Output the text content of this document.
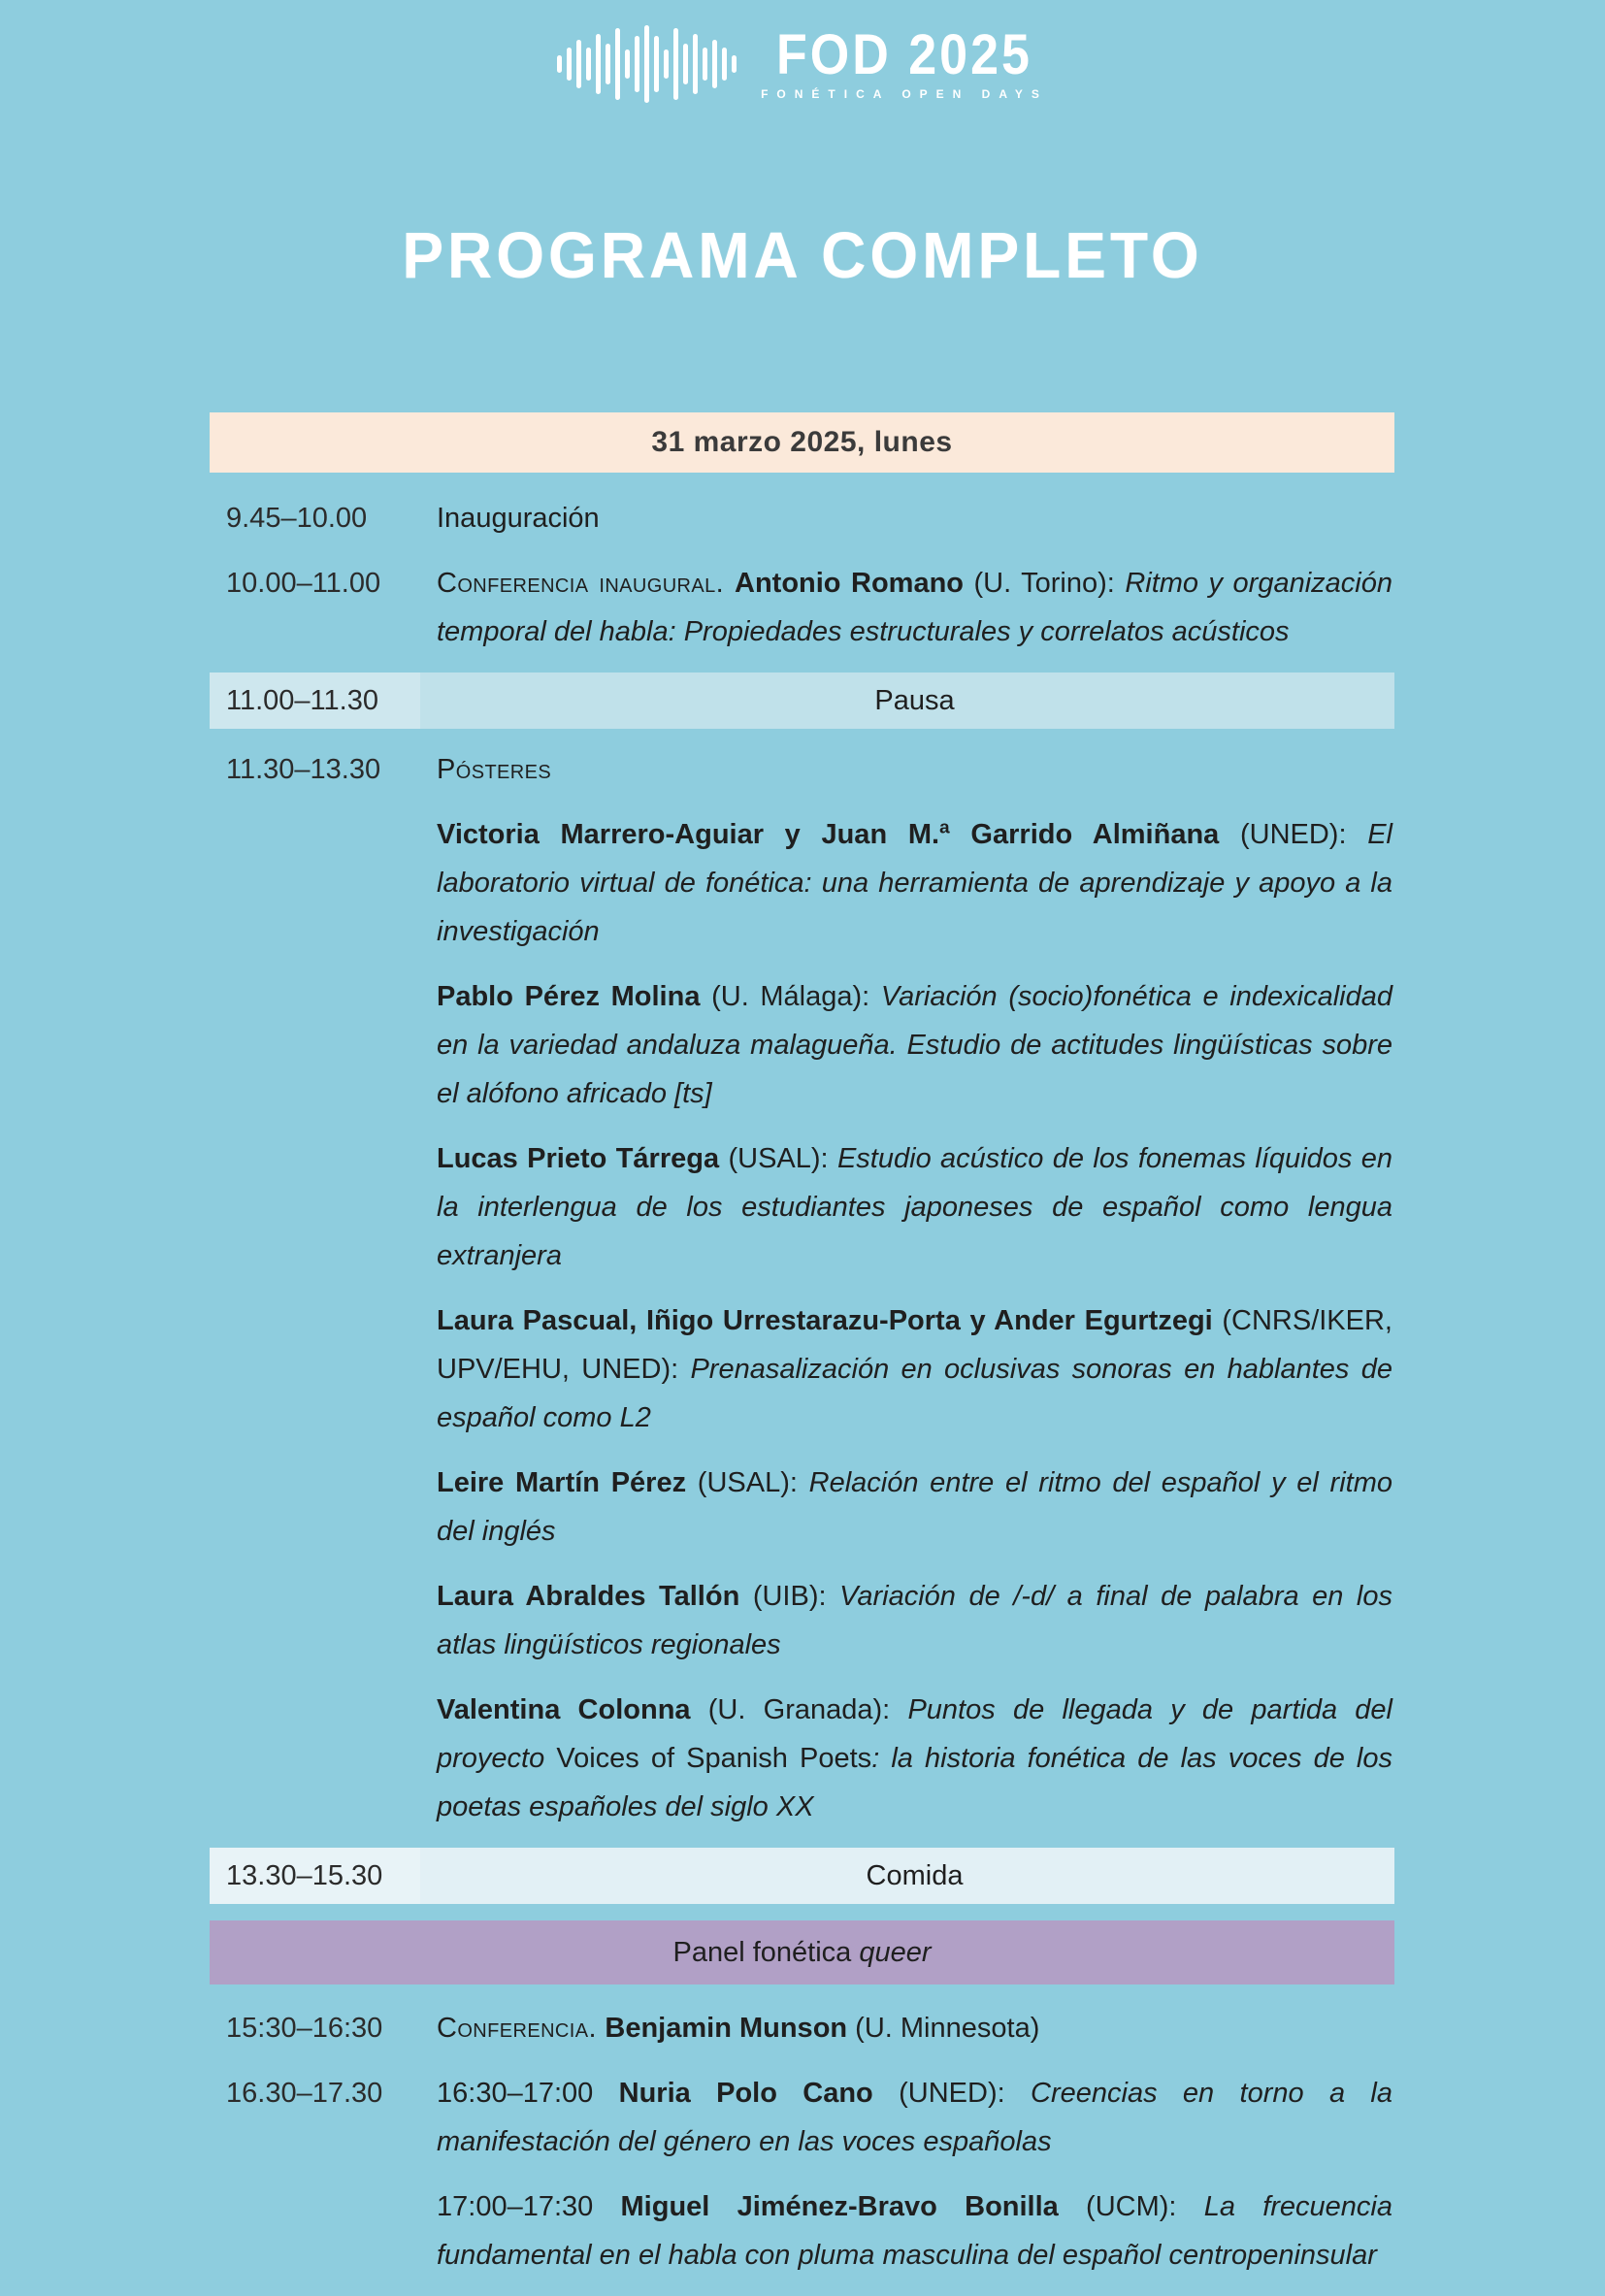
FOD 2025
FONÉTICA OPEN DAYS
PROGRAMA COMPLETO
31 marzo 2025, lunes
9.45–10.00	Inauguración
10.00–11.00	Conferencia inaugural. Antonio Romano (U. Torino): Ritmo y organización temporal del habla: Propiedades estructurales y correlatos acústicos
11.00–11.30	Pausa
11.30–13.30	Pósteres
Victoria Marrero-Aguiar y Juan M.ª Garrido Almiñana (UNED): El laboratorio virtual de fonética: una herramienta de aprendizaje y apoyo a la investigación
Pablo Pérez Molina (U. Málaga): Variación (socio)fonética e indexicalidad en la variedad andaluza malagueña. Estudio de actitudes lingüísticas sobre el alófono africado [ts]
Lucas Prieto Tárrega (USAL): Estudio acústico de los fonemas líquidos en la interlengua de los estudiantes japoneses de español como lengua extranjera
Laura Pascual, Iñigo Urrestarazu-Porta y Ander Egurtzegi (CNRS/IKER, UPV/EHU, UNED): Prenasalización en oclusivas sonoras en hablantes de español como L2
Leire Martín Pérez (USAL): Relación entre el ritmo del español y el ritmo del inglés
Laura Abraldes Tallón (UIB): Variación de /-d/ a final de palabra en los atlas lingüísticos regionales
Valentina Colonna (U. Granada): Puntos de llegada y de partida del proyecto Voices of Spanish Poets: la historia fonética de las voces de los poetas españoles del siglo XX
13.30–15.30	Comida
Panel fonética queer
15:30–16:30	Conferencia. Benjamin Munson (U. Minnesota)
16.30–17.30	16:30–17:00 Nuria Polo Cano (UNED): Creencias en torno a la manifestación del género en las voces españolas
17:00–17:30 Miguel Jiménez-Bravo Bonilla (UCM): La frecuencia fundamental en el habla con pluma masculina del español centropeninsular
